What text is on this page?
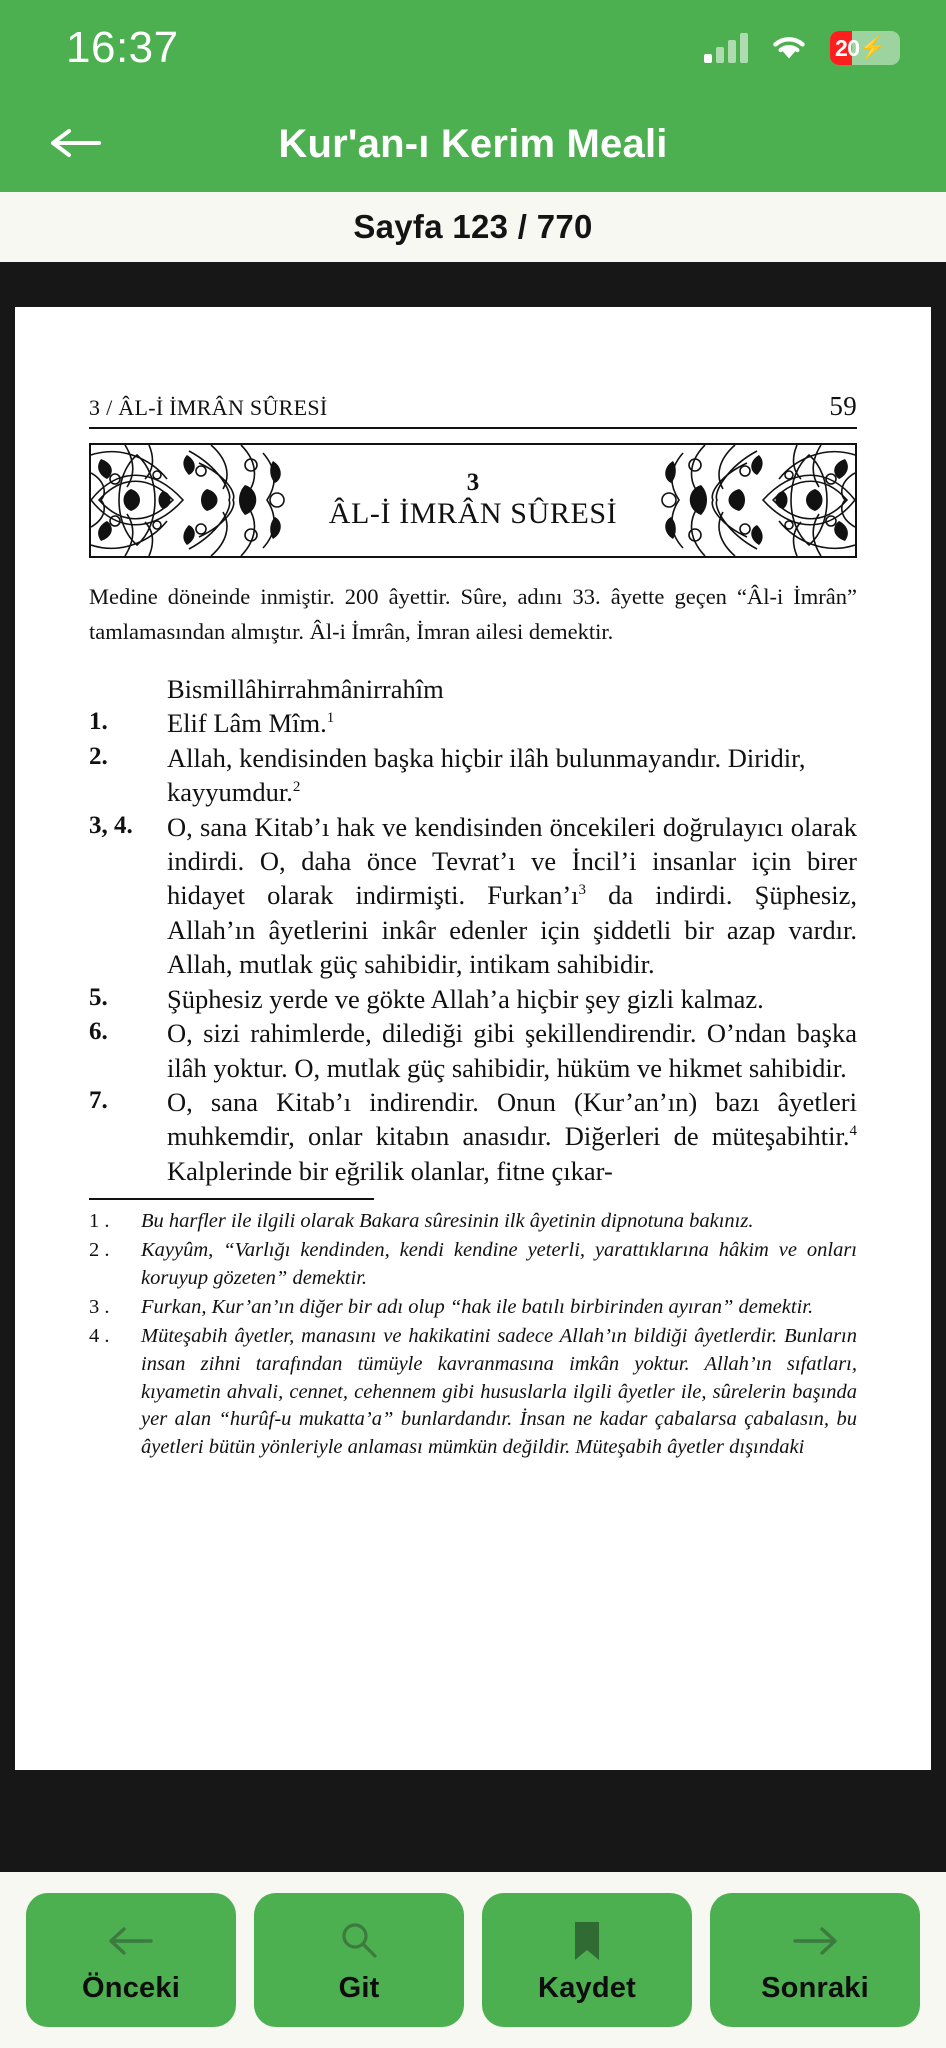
16:37	20 ⚡
Kur'an-ı Kerim Meali
Sayfa 123 / 770
3 / ÂL-İ İMRÂN SÛRESİ	59
3
ÂL-İ İMRÂN SÛRESİ
Medine döneinde inmiştir. 200 âyettir. Sûre, adını 33. âyette geçen “Âl-i İmrân” tamlamasından almıştır. Âl-i İmrân, İmran ailesi demektir.
Bismillâhirrahmânirrahîm
1.	Elif Lâm Mîm.$^1$
2.	Allah, kendisinden başka hiçbir ilâh bulunmayandır. Diridir, kayyumdur.$^2$
3, 4.	O, sana Kitab’ı hak ve kendisinden öncekileri doğrulayıcı olarak indirdi. O, daha önce Tevrat’ı ve İncil’i insanlar için birer hidayet olarak indirmişti. $Furkan’ı^3$ da indirdi. Şüphesiz, Allah’ın âyetlerini inkâr edenler için şiddetli bir azap vardır. Allah, mutlak güç sahibidir, intikam sahibidir.
5.	Şüphesiz yerde ve gökte Allah’a hiçbir şey gizli kalmaz.
6.	O, sizi rahimlerde, dilediği gibi şekillendirendir. O’ndan başka ilâh yoktur. O, mutlak güç sahibidir, hüküm ve hikmet sahibidir.
7.	O, sana Kitab’ı indirendir. Onun (Kur’an’ın) bazı âyetleri muhkemdir, onlar kitabın anasıdır. Diğerleri de müteşabihtir.$^4$ Kalplerinde bir eğrilik olanlar, fitne çıkar-
1 .	Bu harfler ile ilgili olarak Bakara sûresinin ilk âyetinin dipnotuna bakınız.
2 .	Kayyûm, “Varlığı kendinden, kendi kendine yeterli, yarattıklarına hâkim ve onları koruyup gözeten” demektir.
3 .	Furkan, Kur’an’ın diğer bir adı olup “hak ile batılı birbirinden ayıran” demektir.
4 .	Müteşabih âyetler, manasını ve hakikatini sadece Allah’ın bildiği âyetlerdir. Bunların insan zihni tarafından tümüyle kavranmasına imkân yoktur. Allah’ın sıfatları, kıyametin ahvali, cennet, cehennem gibi hususlarla ilgili âyetler ile, sûrelerin başında yer alan “hurûf-u mukatta’a” bunlardandır. İnsan ne kadar çabalarsa çabalasın, bu âyetleri bütün yönleriyle anlaması mümkün değildir. Müteşabih âyetler dışındaki
Önceki	Git	Kaydet	Sonraki
